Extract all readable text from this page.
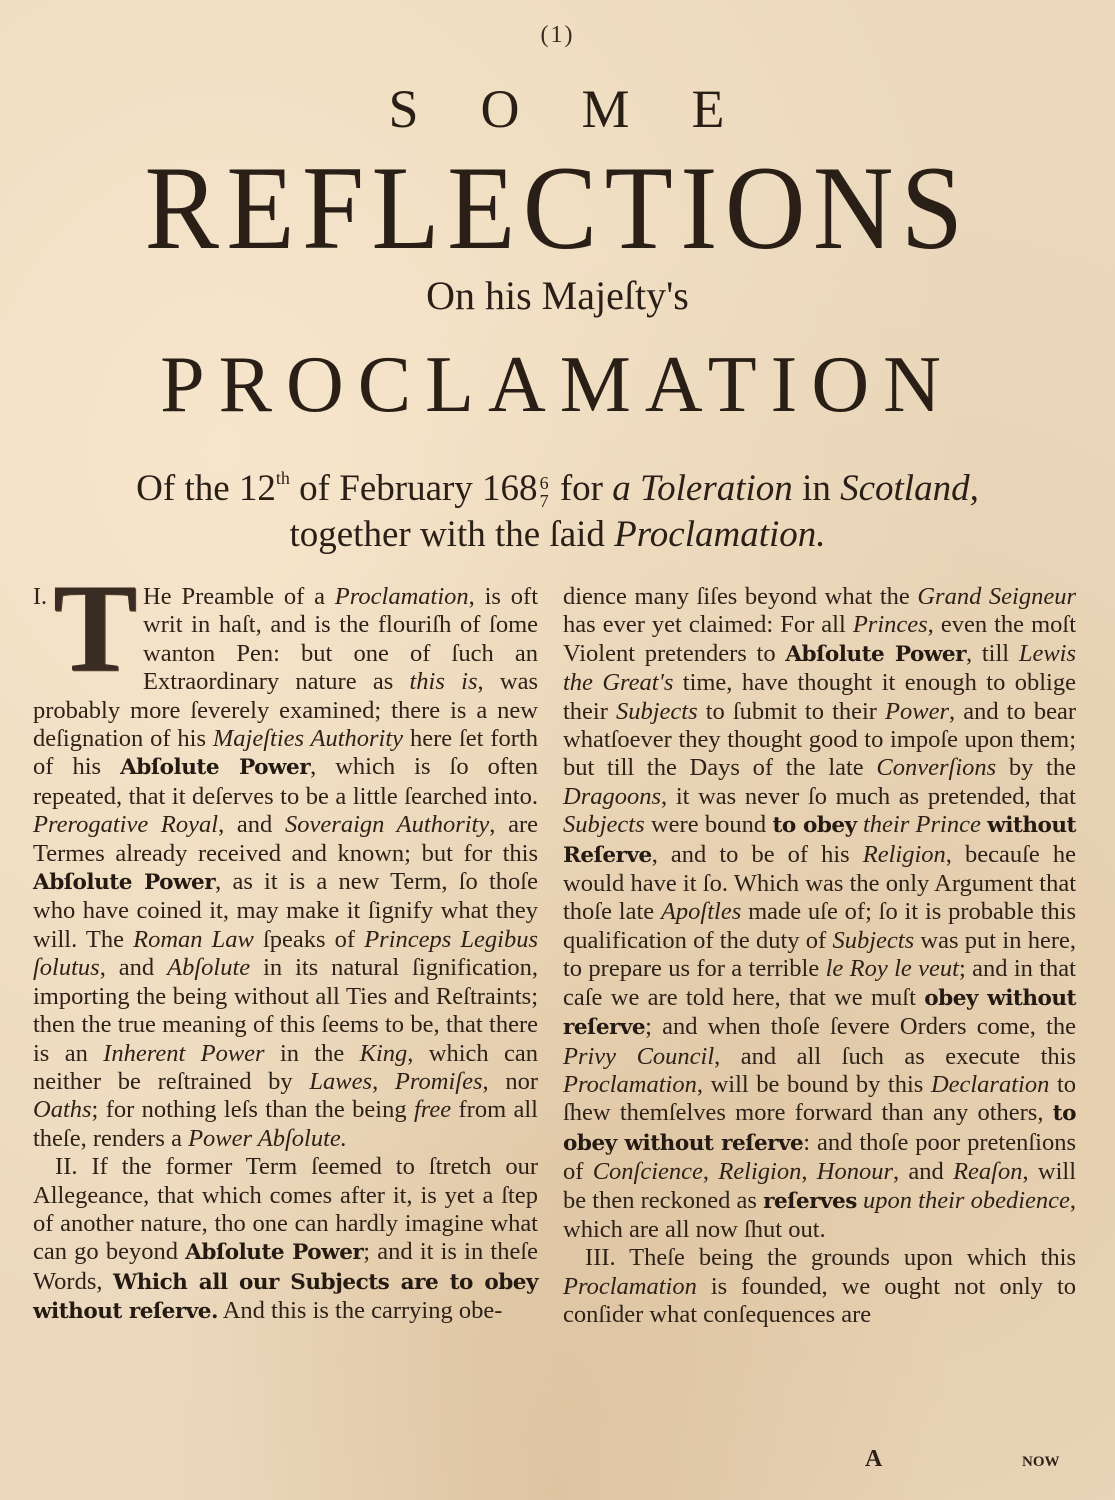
(1)
SOME
REFLECTIONS
On his Majeſty's
PROCLAMATION
Of the 12th of February 168 6
7 for a Toleration in Scotland,
together with the ſaid Proclamation.

I. T He Preamble of a Proclamation, is oft writ in haſt, and is the flouriſh of ſome wanton Pen: but one of ſuch an Extraordinary nature as this is, was probably more ſeverely examined; there is a new deſignation of his Majeſties Authority here ſet forth of his Abſolute Power, which is ſo often repeated, that it deſerves to be a little ſearched into. Prerogative Royal, and Soveraign Authority, are Termes already received and known; but for this Abſolute Power, as it is a new Term, ſo thoſe who have coined it, may make it ſignify what they will. The Roman Law ſpeaks of Princeps Legibus ſolutus, and Abſolute in its natural ſignification, importing the being without all Ties and Reſtraints; then the true meaning of this ſeems to be, that there is an Inherent Power in the King, which can neither be reſtrained by Lawes, Promiſes, nor Oaths; for nothing leſs than the being free from all theſe, renders a Power Abſolute.

II. If the former Term ſeemed to ſtretch our Allegeance, that which comes after it, is yet a ſtep of another nature, tho one can hardly imagine what can go beyond Abſolute Power; and it is in theſe Words, Which all our Subjects are to obey without reſerve. And this is the carrying obe-

dience many ſiſes beyond what the Grand Seigneur has ever yet claimed: For all Princes, even the moſt Violent pretenders to Abſolute Power, till Lewis the Great's time, have thought it enough to oblige their Subjects to ſubmit to their Power, and to bear whatſoever they thought good to impoſe upon them; but till the Days of the late Converſions by the Dragoons, it was never ſo much as pretended, that Subjects were bound to obey their Prince without Reſerve, and to be of his Religion, becauſe he would have it ſo. Which was the only Argument that thoſe late Apoſtles made uſe of; ſo it is probable this qualification of the duty of Subjects was put in here, to prepare us for a terrible le Roy le veut; and in that caſe we are told here, that we muſt obey without reſerve; and when thoſe ſevere Orders come, the Privy Council, and all ſuch as execute this Proclamation, will be bound by this Declaration to ſhew themſelves more forward than any others, to obey without reſerve: and thoſe poor pretenſions of Conſcience, Religion, Honour, and Reaſon, will be then reckoned as reſerves upon their obedience, which are all now ſhut out.

III. Theſe being the grounds upon which this Proclamation is founded, we ought not only to conſider what conſequences are

A	now
